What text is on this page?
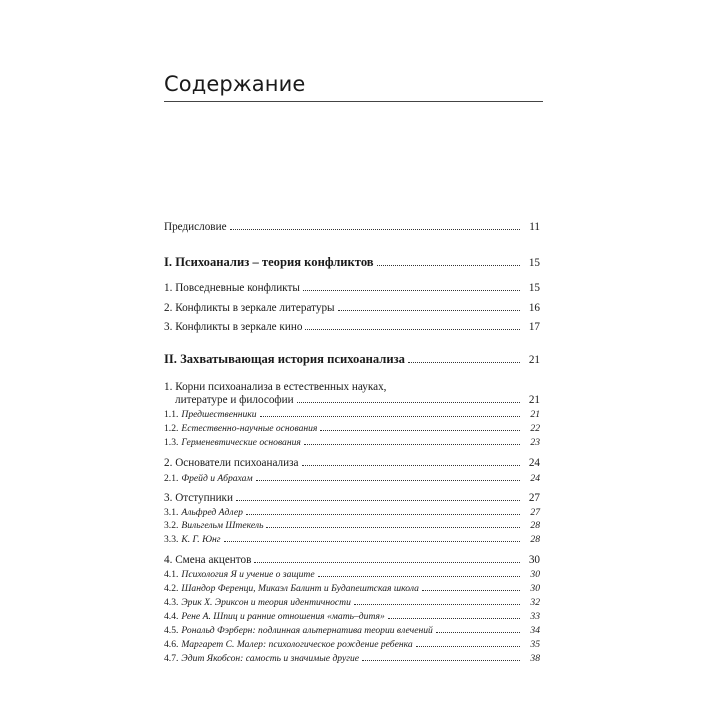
Содержание
Предисловие	11
I. Психоанализ – теория конфликтов	15
1. Повседневные конфликты	15
2. Конфликты в зеркале литературы	16
3. Конфликты в зеркале кино	17
II. Захватывающая история психоанализа	21
1. Корни психоанализа в естественных науках,
литературе и философии	21
1.1. Предшественники	21
1.2. Естественно-научные основания	22
1.3. Герменевтические основания	23
2. Основатели психоанализа	24
2.1. Фрейд и Абрахам	24
3. Отступники	27
3.1. Альфред Адлер	27
3.2. Вильгельм Штекель	28
3.3. К. Г. Юнг	28
4. Смена акцентов	30
4.1. Психология Я и учение о защите	30
4.2. Шандор Ференци, Микаэл Балинт и Будапештская школа	30
4.3. Эрик Х. Эриксон и теория идентичности	32
4.4. Рене А. Шпиц и ранние отношения «мать–дитя»	33
4.5. Рональд Фэрберн: подлинная альтернатива теории влечений	34
4.6. Маргарет С. Малер: психологическое рождение ребенка	35
4.7. Эдит Якобсон: самость и значимые другие	38
